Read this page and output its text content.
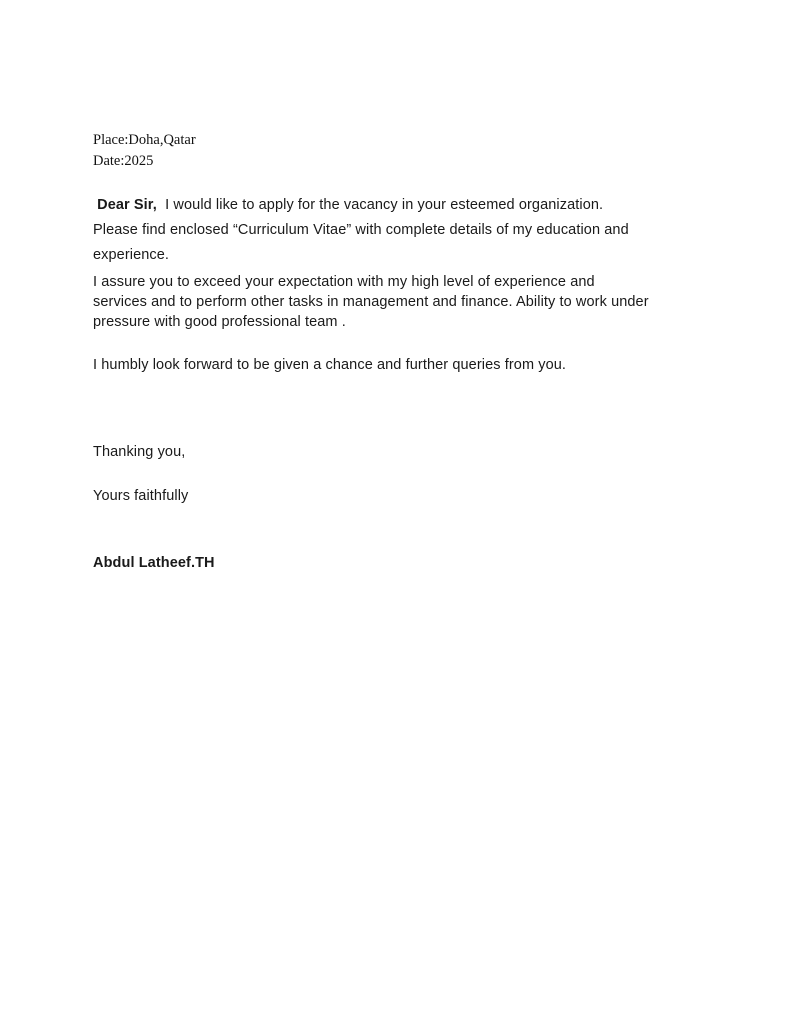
Place:Doha,Qatar
Date:2025
Dear Sir, I would like to apply for the vacancy in your esteemed organization.
Please find enclosed “Curriculum Vitae” with complete details of my education and
experience.
I assure you to exceed your expectation with my high level of experience and
services and to perform other tasks in management and finance. Ability to work under
pressure with good professional team .
I humbly look forward to be given a chance and further queries from you.
Thanking you,
Yours faithfully
Abdul Latheef.TH
